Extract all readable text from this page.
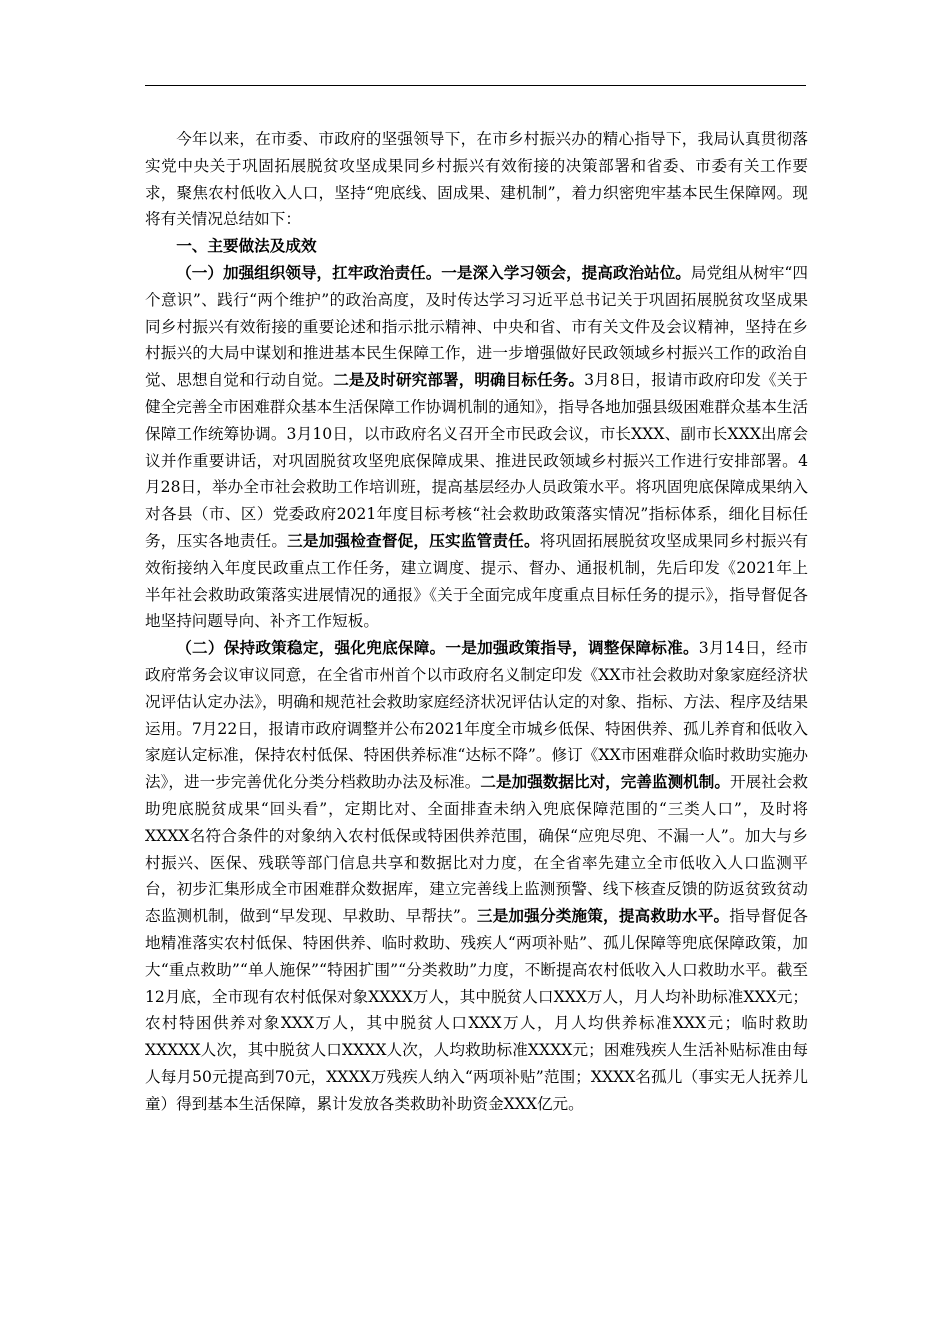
今年以来，在市委、市政府的坚强领导下，在市乡村振兴办的精心指导下，我局认真贯彻落实党中央关于巩固拓展脱贫攻坚成果同乡村振兴有效衔接的决策部署和省委、市委有关工作要求，聚焦农村低收入人口，坚持“兜底线、固成果、建机制”，着力织密兜牢基本民生保障网。现将有关情况总结如下：

一、主要做法及成效

（一）加强组织领导，扛牢政治责任。一是深入学习领会，提高政治站位。局党组从树牢“四个意识”、践行“两个维护”的政治高度，及时传达学习习近平总书记关于巩固拓展脱贫攻坚成果同乡村振兴有效衔接的重要论述和指示批示精神、中央和省、市有关文件及会议精神，坚持在乡村振兴的大局中谋划和推进基本民生保障工作，进一步增强做好民政领域乡村振兴工作的政治自觉、思想自觉和行动自觉。二是及时研究部署，明确目标任务。3月8日，报请市政府印发《关于健全完善全市困难群众基本生活保障工作协调机制的通知》，指导各地加强县级困难群众基本生活保障工作统筹协调。3月10日，以市政府名义召开全市民政会议，市长XXX、副市长XXX出席会议并作重要讲话，对巩固脱贫攻坚兜底保障成果、推进民政领域乡村振兴工作进行安排部署。4月28日，举办全市社会救助工作培训班，提高基层经办人员政策水平。将巩固兜底保障成果纳入对各县（市、区）党委政府2021年度目标考核“社会救助政策落实情况”指标体系，细化目标任务，压实各地责任。三是加强检查督促，压实监管责任。将巩固拓展脱贫攻坚成果同乡村振兴有效衔接纳入年度民政重点工作任务，建立调度、提示、督办、通报机制，先后印发《2021年上半年社会救助政策落实进展情况的通报》《关于全面完成年度重点目标任务的提示》，指导督促各地坚持问题导向、补齐工作短板。

（二）保持政策稳定，强化兜底保障。一是加强政策指导，调整保障标准。3月14日，经市政府常务会议审议同意，在全省市州首个以市政府名义制定印发《XX市社会救助对象家庭经济状况评估认定办法》，明确和规范社会救助家庭经济状况评估认定的对象、指标、方法、程序及结果运用。7月22日，报请市政府调整并公布2021年度全市城乡低保、特困供养、孤儿养育和低收入家庭认定标准，保持农村低保、特困供养标准“达标不降”。修订《XX市困难群众临时救助实施办法》，进一步完善优化分类分档救助办法及标准。二是加强数据比对，完善监测机制。开展社会救助兜底脱贫成果“回头看”，定期比对、全面排查未纳入兜底保障范围的“三类人口”，及时将XXXX名符合条件的对象纳入农村低保或特困供养范围，确保“应兜尽兜、不漏一人”。加大与乡村振兴、医保、残联等部门信息共享和数据比对力度，在全省率先建立全市低收入人口监测平台，初步汇集形成全市困难群众数据库，建立完善线上监测预警、线下核查反馈的防返贫致贫动态监测机制，做到“早发现、早救助、早帮扶”。三是加强分类施策，提高救助水平。指导督促各地精准落实农村低保、特困供养、临时救助、残疾人“两项补贴”、孤儿保障等兜底保障政策，加大“重点救助”“单人施保”“特困扩围”“分类救助”力度，不断提高农村低收入人口救助水平。截至12月底，全市现有农村低保对象XXXX万人，其中脱贫人口XXX万人，月人均补助标准XXX元；农村特困供养对象XXX万人，其中脱贫人口XXX万人，月人均供养标准XXX元；临时救助XXXXX人次，其中脱贫人口XXXX人次，人均救助标准XXXX元；困难残疾人生活补贴标准由每人每月50元提高到70元，XXXX万残疾人纳入“两项补贴”范围；XXXX名孤儿（事实无人抚养儿童）得到基本生活保障，累计发放各类救助补助资金XXX亿元。
